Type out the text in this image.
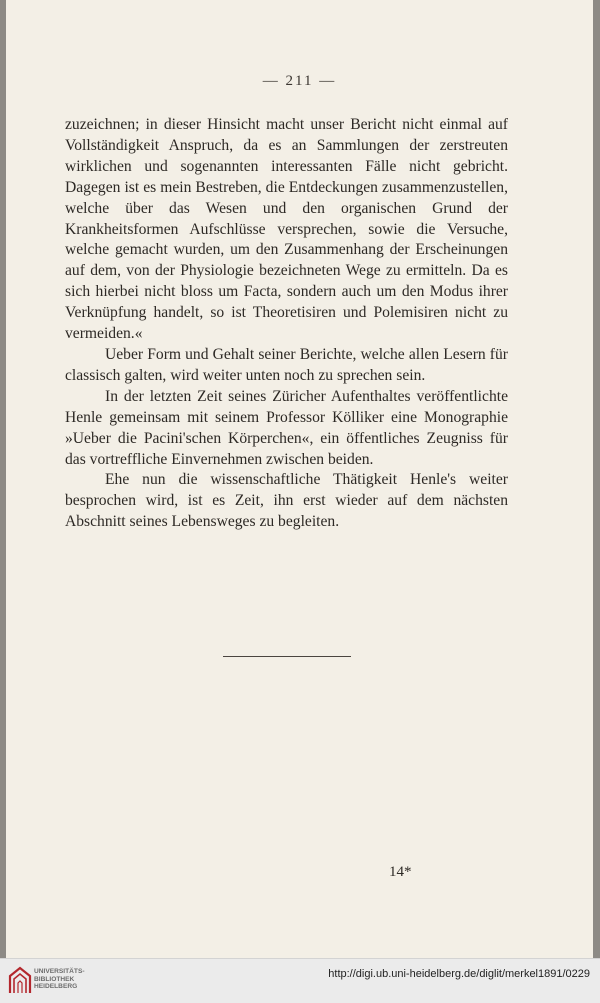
— 211 —

zuzeichnen; in dieser Hinsicht macht unser Bericht nicht einmal auf Vollständigkeit Anspruch, da es an Sammlungen der zerstreuten wirklichen und sogenannten interessanten Fälle nicht gebricht. Dagegen ist es mein Bestreben, die Entdeckungen zusammenzustellen, welche über das Wesen und den organischen Grund der Krankheitsformen Aufschlüsse versprechen, sowie die Versuche, welche gemacht wurden, um den Zusammenhang der Erscheinungen auf dem, von der Physiologie bezeichneten Wege zu ermitteln. Da es sich hierbei nicht bloss um Facta, sondern auch um den Modus ihrer Verknüpfung handelt, so ist Theoretisiren und Polemisiren nicht zu vermeiden.«

Ueber Form und Gehalt seiner Berichte, welche allen Lesern für classisch galten, wird weiter unten noch zu sprechen sein.

In der letzten Zeit seines Züricher Aufenthaltes veröffentlichte Henle gemeinsam mit seinem Professor Kölliker eine Monographie »Ueber die Pacini'schen Körperchen«, ein öffentliches Zeugniss für das vortreffliche Einvernehmen zwischen beiden.

Ehe nun die wissenschaftliche Thätigkeit Henle's weiter besprochen wird, ist es Zeit, ihn erst wieder auf dem nächsten Abschnitt seines Lebensweges zu begleiten.

14*
UNIVERSITÄTS-
BIBLIOTHEK
HEIDELBERG
http://digi.ub.uni-heidelberg.de/diglit/merkel1891/0229
